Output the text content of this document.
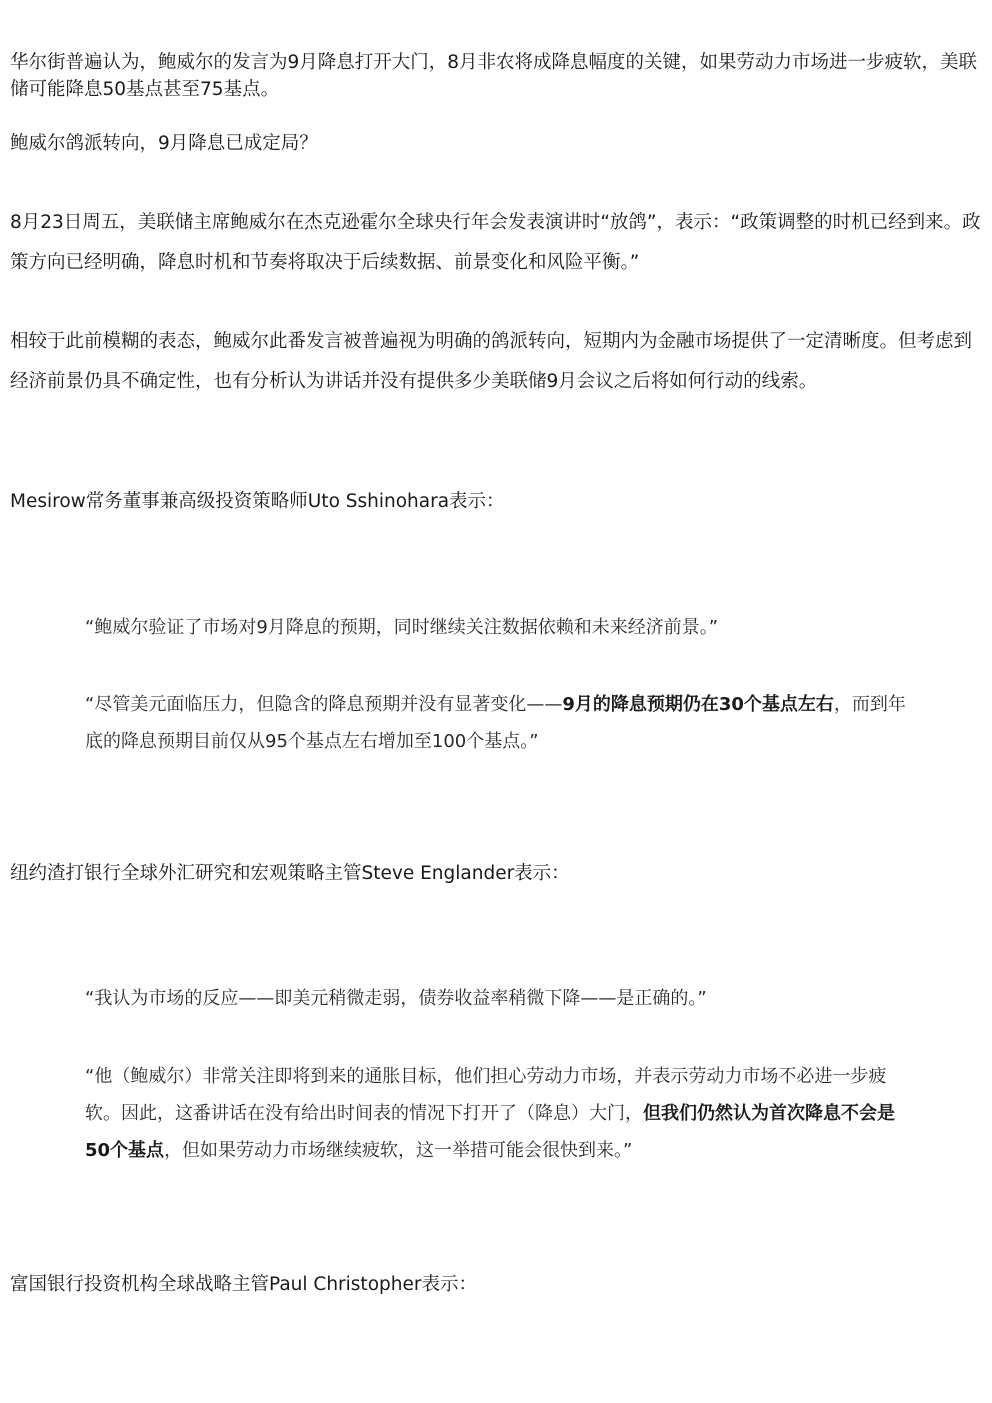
华尔街普遍认为，鲍威尔的发言为9月降息打开大门，8月非农将成降息幅度的关键，如果劳动力市场进一步疲软，美联储可能降息50基点甚至75基点。

鲍威尔鸽派转向，9月降息已成定局？

8月23日周五，美联储主席鲍威尔在杰克逊霍尔全球央行年会发表演讲时“放鸽”，表示：“政策调整的时机已经到来。政策方向已经明确，降息时机和节奏将取决于后续数据、前景变化和风险平衡。”

相较于此前模糊的表态，鲍威尔此番发言被普遍视为明确的鸽派转向，短期内为金融市场提供了一定清晰度。但考虑到经济前景仍具不确定性，也有分析认为讲话并没有提供多少美联储9月会议之后将如何行动的线索。

Mesirow常务董事兼高级投资策略师Uto Sshinohara表示：

“鲍威尔验证了市场对9月降息的预期，同时继续关注数据依赖和未来经济前景。”

“尽管美元面临压力，但隐含的降息预期并没有显著变化——9月的降息预期仍在30个基点左右，而到年底的降息预期目前仅从95个基点左右增加至100个基点。”

纽约渣打银行全球外汇研究和宏观策略主管Steve Englander表示：

“我认为市场的反应——即美元稍微走弱，债券收益率稍微下降——是正确的。”

“他（鲍威尔）非常关注即将到来的通胀目标，他们担心劳动力市场，并表示劳动力市场不必进一步疲软。因此，这番讲话在没有给出时间表的情况下打开了（降息）大门，但我们仍然认为首次降息不会是50个基点，但如果劳动力市场继续疲软，这一举措可能会很快到来。”

富国银行投资机构全球战略主管Paul Christopher表示：
